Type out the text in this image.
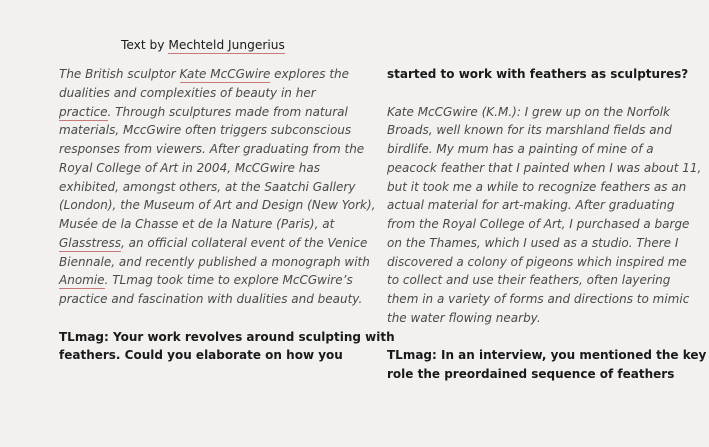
Text by Mechteld Jungerius
The British sculptor Kate McCGwire explores the
dualities and complexities of beauty in her
practice. Through sculptures made from natural
materials, MccGwire often triggers subconscious
responses from viewers. After graduating from the
Royal College of Art in 2004, McCGwire has
exhibited, amongst others, at the Saatchi Gallery
(London), the Museum of Art and Design (New York),
Musée de la Chasse et de la Nature (Paris), at
Glasstress, an official collateral event of the Venice
Biennale, and recently published a monograph with
Anomie. TLmag took time to explore McCGwire’s
practice and fascination with dualities and beauty.
TLmag: Your work revolves around sculpting with
feathers. Could you elaborate on how you
started to work with feathers as sculptures?
Kate McCGwire (K.M.): I grew up on the Norfolk
Broads, well known for its marshland fields and
birdlife. My mum has a painting of mine of a
peacock feather that I painted when I was about 11,
but it took me a while to recognize feathers as an
actual material for art-making. After graduating
from the Royal College of Art, I purchased a barge
on the Thames, which I used as a studio. There I
discovered a colony of pigeons which inspired me
to collect and use their feathers, often layering
them in a variety of forms and directions to mimic
the water flowing nearby.
TLmag: In an interview, you mentioned the key
role the preordained sequence of feathers
